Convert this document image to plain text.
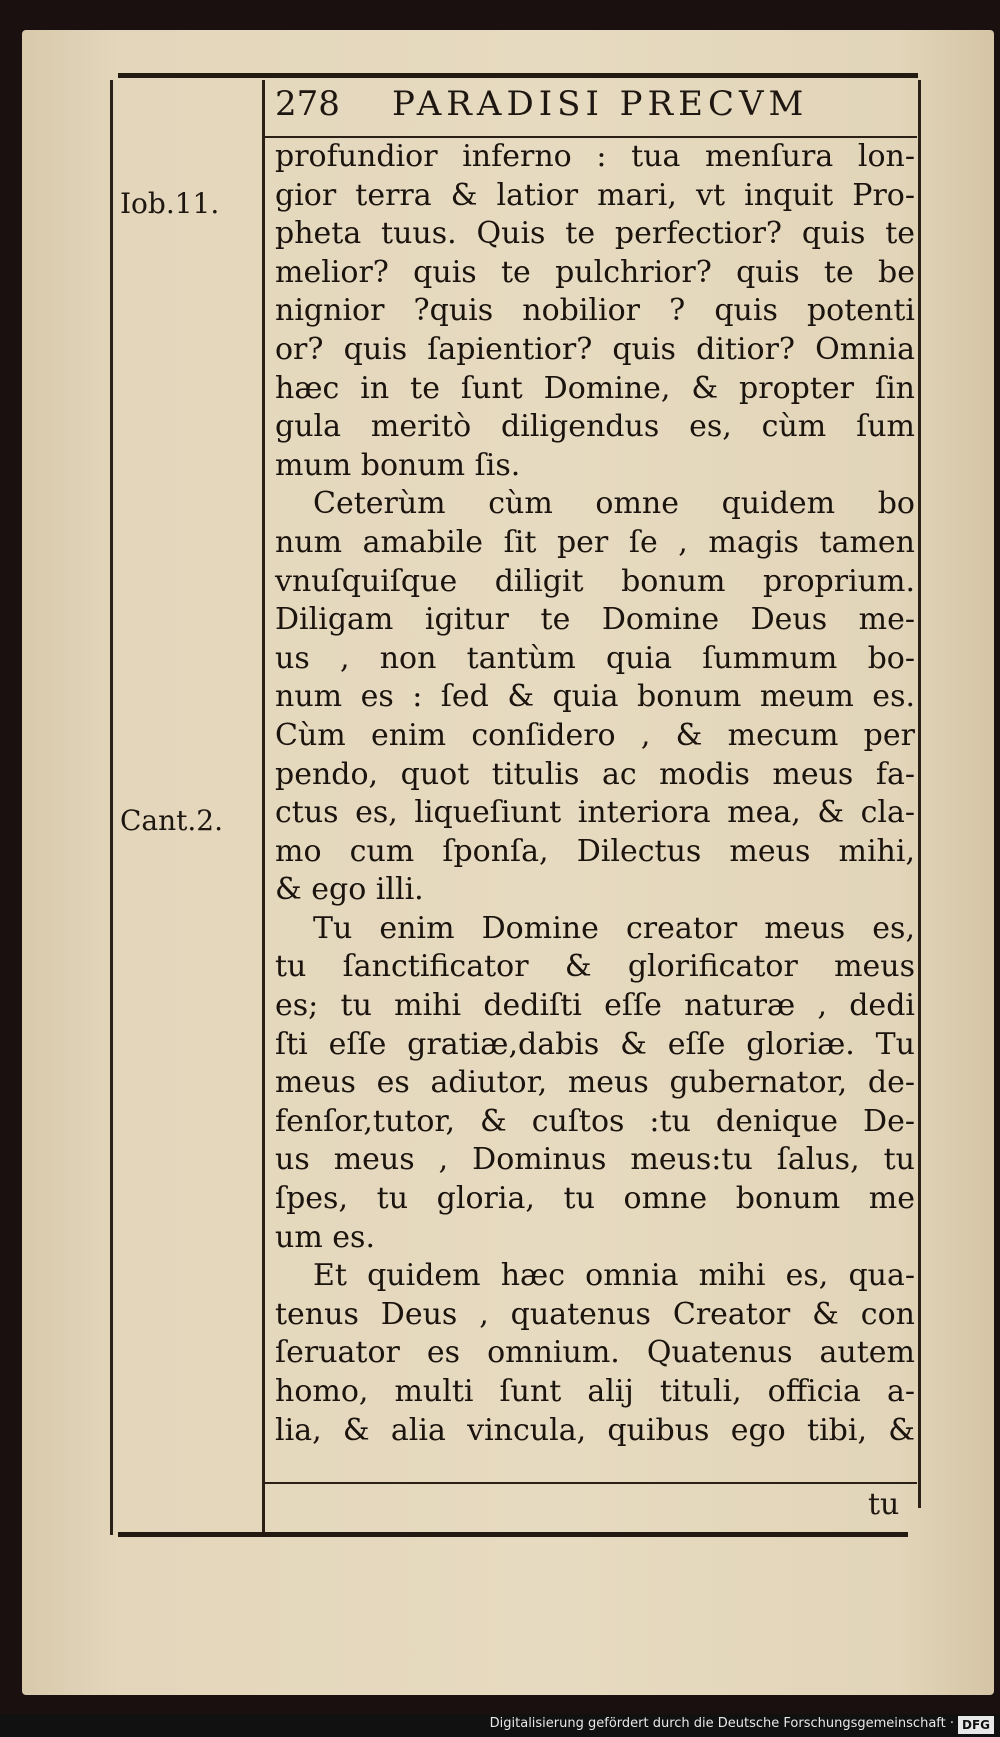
278 PARADISI PRECVM
Iob.11.
Cant.2.
profundior inferno : tua menſura lon-
gior terra & latior mari, vt inquit Pro-
pheta tuus. Quis te perfectior? quis te
melior? quis te pulchrior? quis te be
nignior ?quis nobilior ? quis potenti
or? quis ſapientior? quis ditior? Omnia
hæc in te ſunt Domine, & propter ſin
gula meritò diligendus es, cùm ſum
mum bonum ſis.
Ceterùm cùm omne quidem bo
num amabile ſit per ſe , magis tamen
vnuſquiſque diligit bonum proprium.
Diligam igitur te Domine Deus me-
us , non tantùm quia ſummum bo-
num es : ſed & quia bonum meum es.
Cùm enim conſidero , & mecum per
pendo, quot titulis ac modis meus fa-
ctus es, liqueſiunt interiora mea, & cla-
mo cum ſponſa, Dilectus meus mihi,
& ego illi.
Tu enim Domine creator meus es,
tu ſanctificator & glorificator meus
es; tu mihi dediſti eſſe naturæ , dedi
ſti eſſe gratiæ,dabis & eſſe gloriæ. Tu
meus es adiutor, meus gubernator, de-
fenſor,tutor, & cuſtos :tu denique De-
us meus , Dominus meus:tu ſalus, tu
ſpes, tu gloria, tu omne bonum me
um es.
Et quidem hæc omnia mihi es, qua-
tenus Deus , quatenus Creator & con
ſeruator es omnium. Quatenus autem
homo, multi ſunt alij tituli, officia a-
lia, & alia vincula, quibus ego tibi, &
tu
Digitalisierung gefördert durch die Deutsche Forschungsgemeinschaft · DFG
